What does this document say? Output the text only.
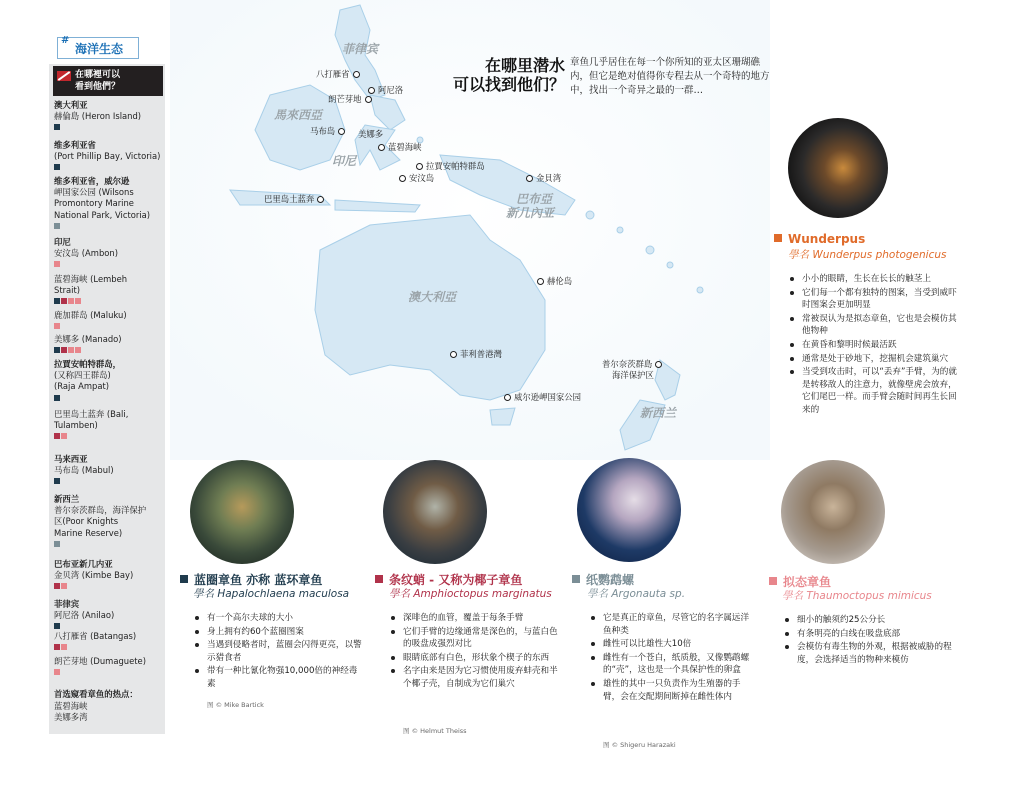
#
海洋生态
在哪裡可以
看到他們？
澳大利亚
赫倫島 (Heron Island)
维多利亚省
(Port Phillip Bay, Victoria)
维多利亚省，威尔逊
岬国家公园 (Wilsons
Promontory Marine
National Park, Victoria)
印尼
安汶岛 (Ambon)
蓝碧海峡 (Lembeh
Strait)
鹿加群岛 (Maluku)
美娜多 (Manado)
拉賈安帕特群岛，
(又称四王群岛)
(Raja Ampat)
巴里岛土蓝奔 (Bali,
Tulamben)
马来西亚
马布岛 (Mabul)
新西兰
普尔奈茨群岛，海洋保护
区(Poor Knights
Marine Reserve)
巴布亚新几内亚
金贝湾 (Kimbe Bay)
菲律宾
阿尼洛 (Anilao)
八打雁省 (Batangas)
朗芒芽地 (Dumaguete)
首选窥看章鱼的热点：
蓝碧海峡
美娜多湾
菲律宾
馬來西亞
印尼
巴布亞
新几內亚
澳大利亞
新西兰
八打雁省
阿尼洛
朗芒芽地
马布岛	美娜多
蓝碧海峡
拉賈安帕特群岛
安汶岛	金貝湾
巴里岛土蓝奔
赫伦岛
菲利普港灣
威尔逊岬国家公园
普尔奈茨群島
海洋保护区
在哪里潜水
可以找到他们？
章鱼几乎居住在每一个你所知的亚太区珊瑚礁内，但它是绝对值得你专程去从一个奇特的地方中，找出一个奇异之最的一群…
Wunderpus
學名 Wunderpus photogenicus
小小的眼睛，生长在长长的触茎上
它们每一个都有独特的图案，当受到威吓时图案会更加明显
常被误认为是拟态章鱼，它也是会模仿其他物种
在黄昏和黎明时候最活跃
通常是处于砂地下，挖掘机会建筑巢穴
当受到攻击时，可以“丢弃”手臂，为的就是转移敌人的注意力，就像壁虎会放弃，它们尾巴一样。而手臂会随时间再生长回来的
蓝圈章鱼 亦称 蓝环章鱼
學名 Hapalochlaena maculosa
有一个高尔夫球的大小
身上拥有约60个蓝圈图案
当遇到侵略者时，蓝圈会闪得更亮，以警示猎食者
带有一种比氰化物强10,000倍的神经毒素
图 © Mike Bartick
条纹蛸 - 又称为椰子章鱼
學名 Amphioctopus marginatus
深啡色的血管，覆盖于每条手臂
它们手臂的边缘通常是深色的，与蓝白色的吸盘成强烈对比
眼睛底部有白色，形状象个楔子的东西
名字由来是因为它习惯使用废弃蚌壳和半个椰子壳，自制成为它们巢穴
图 © Helmut Theiss
纸鹦鹉螺
學名 Argonauta sp.
它是真正的章鱼，尽管它的名字属远洋鱼种类
雌性可以比雄性大10倍
雌性有一个苍白，纸质般，又像鹦鹉螺的“壳”，这也是一个具保护性的卵盒
雄性的其中一只负责作为生殖器的手臂，会在交配期间断掉在雌性体内
图 © Shigeru Harazaki
拟态章鱼
學名 Thaumoctopus mimicus
细小的触须约25公分长
有条明亮的白线在吸盘底部
会模仿有毒生物的外观，根据被威胁的程度，会选择适当的物种来模仿
